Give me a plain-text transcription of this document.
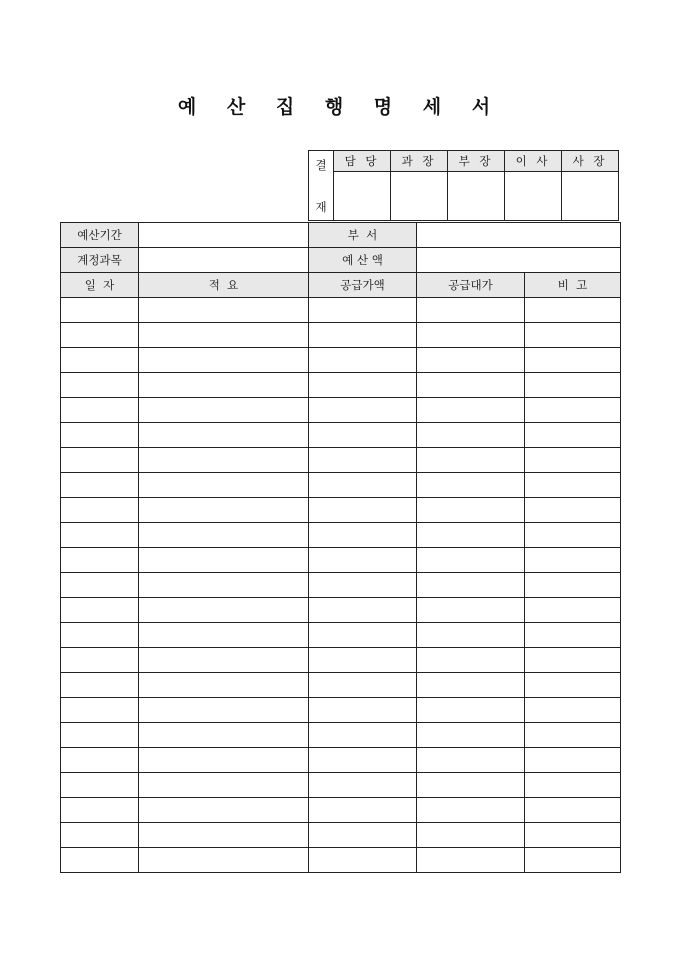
예 산 집 행 명 세 서
결
재	담 당	과 장	부 장	이 사	사 장

예산기간		부  서		
계정과목		예 산 액		
일  자	적  요	공급가액	공급대가	비  고
